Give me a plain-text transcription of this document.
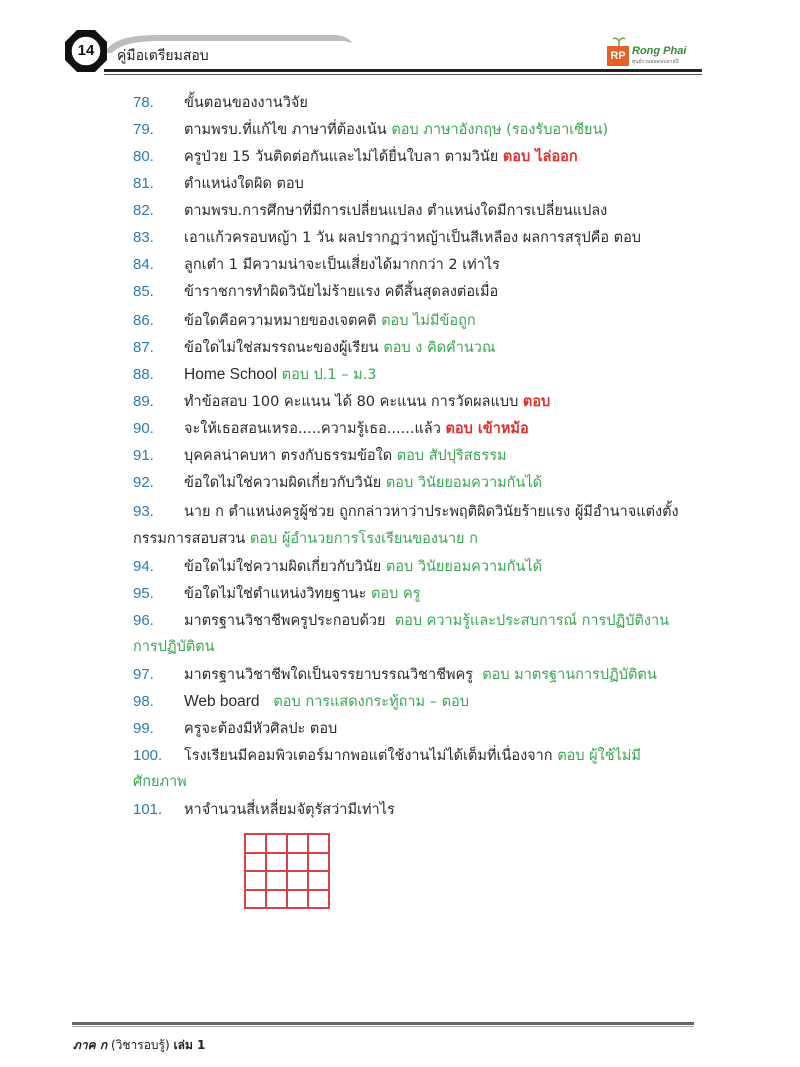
14	คู่มือเตรียมสอบ	RP Rong Phai
ศูนย์รวมพลคนปลายปี
78. ขั้นตอนของงานวิจัย
79. ตามพรบ.ที่แก้ไข ภาษาที่ต้องเน้น ตอบ ภาษาอังกฤษ (รองรับอาเซียน)
80. ครูป่วย 15 วันติดต่อกันและไม่ได้ยื่นใบลา ตามวินัย ตอบ ไล่ออก
81. ตำแหน่งใดผิด ตอบ
82. ตามพรบ.การศึกษาที่มีการเปลี่ยนแปลง ตำแหน่งใดมีการเปลี่ยนแปลง
83. เอาแก้วครอบหญ้า 1 วัน ผลปรากฏว่าหญ้าเป็นสีเหลือง ผลการสรุปคือ ตอบ
84. ลูกเต๋า 1 มีความน่าจะเป็นเสี่ยงได้มากกว่า 2 เท่าไร
85. ข้าราชการทำผิดวินัยไม่ร้ายแรง คดีสิ้นสุดลงต่อเมื่อ
86. ข้อใดคือความหมายของเจตคติ ตอบ ไม่มีข้อถูก
87. ข้อใดไม่ใช่สมรรถนะของผู้เรียน ตอบ ง คิดคำนวณ
88. Home School ตอบ ป.1 – ม.3
89. ทำข้อสอบ 100 คะแนน ได้ 80 คะแนน การวัดผลแบบ ตอบ
90. จะให้เธอสอนเหรอ.....ความรู้เธอ......แล้ว ตอบ เข้าหม้อ
91. บุคคลน่าคบหา ตรงกับธรรมข้อใด ตอบ สัปปุริสธรรม
92. ข้อใดไม่ใช่ความผิดเกี่ยวกับวินัย ตอบ วินัยยอมความกันได้
93. นาย ก ตำแหน่งครูผู้ช่วย ถูกกล่าวหาว่าประพฤติผิดวินัยร้ายแรง ผู้มีอำนาจแต่งตั้ง
กรรมการสอบสวน ตอบ ผู้อำนวยการโรงเรียนของนาย ก
94. ข้อใดไม่ใช่ความผิดเกี่ยวกับวินัย ตอบ วินัยยอมความกันได้
95. ข้อใดไม่ใช่ตำแหน่งวิทยฐานะ ตอบ ครู
96. มาตรฐานวิชาชีพครูประกอบด้วย ตอบ ความรู้และประสบการณ์ การปฏิบัติงาน
การปฏิบัติตน
97. มาตรฐานวิชาชีพใดเป็นจรรยาบรรณวิชาชีพครู ตอบ มาตรฐานการปฏิบัติตน
98. Web board ตอบ การแสดงกระทู้ถาม – ตอบ
99. ครูจะต้องมีหัวศิลปะ ตอบ
100. โรงเรียนมีคอมพิวเตอร์มากพอแต่ใช้งานไม่ได้เต็มที่เนื่องจาก ตอบ ผู้ใช้ไม่มี
ศักยภาพ
101. หาจำนวนสี่เหลี่ยมจัตุรัสว่ามีเท่าไร
ภาค ก (วิชารอบรู้) เล่ม 1
